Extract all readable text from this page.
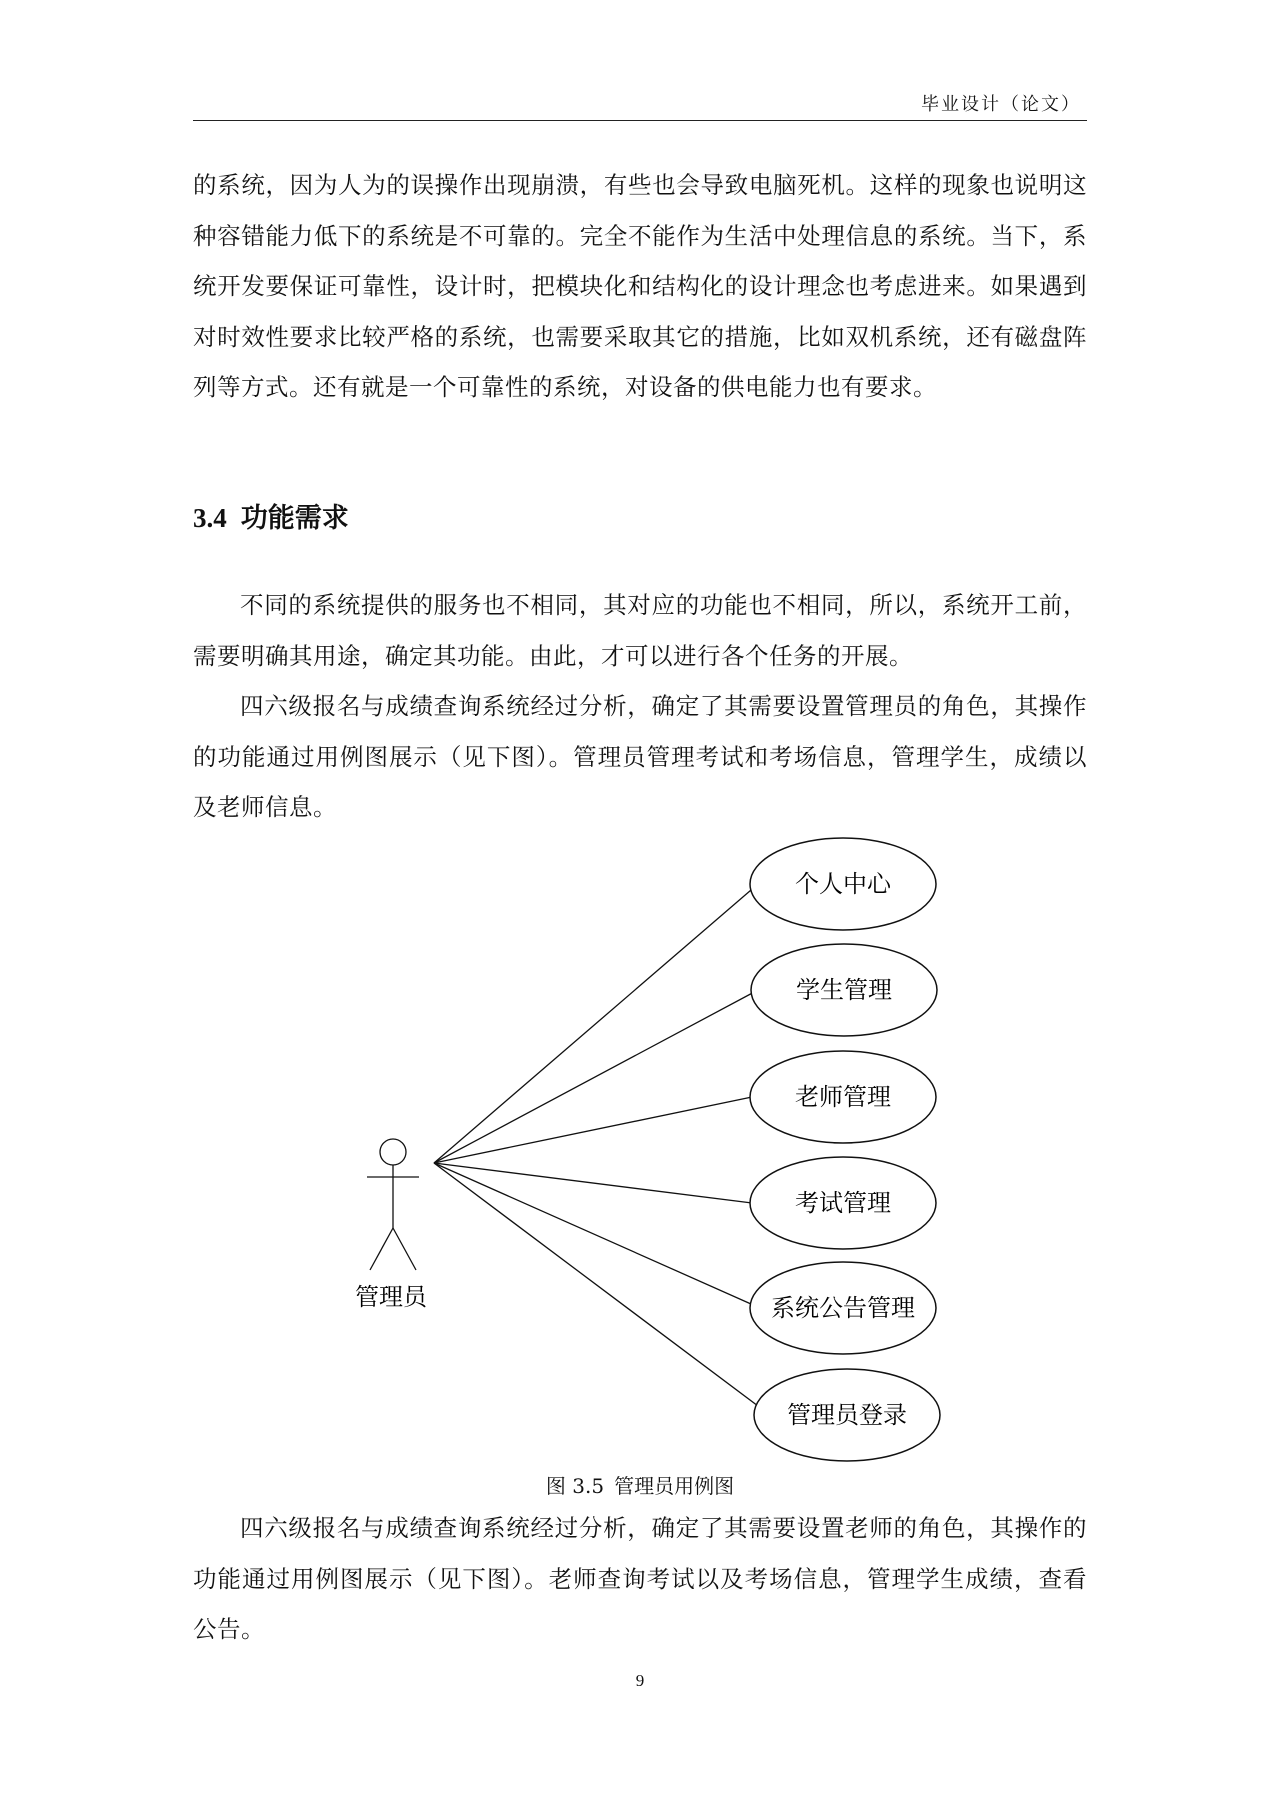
毕业设计（论文）

的系统，因为人为的误操作出现崩溃，有些也会导致电脑死机。这样的现象也说明这种容错能力低下的系统是不可靠的。完全不能作为生活中处理信息的系统。当下，系统开发要保证可靠性，设计时，把模块化和结构化的设计理念也考虑进来。如果遇到对时效性要求比较严格的系统，也需要采取其它的措施，比如双机系统，还有磁盘阵列等方式。还有就是一个可靠性的系统，对设备的供电能力也有要求。

3.4 功能需求

不同的系统提供的服务也不相同，其对应的功能也不相同，所以，系统开工前，需要明确其用途，确定其功能。由此，才可以进行各个任务的开展。

四六级报名与成绩查询系统经过分析，确定了其需要设置管理员的角色，其操作的功能通过用例图展示（见下图）。管理员管理考试和考场信息，管理学生，成绩以及老师信息。

管理员
个人中心
学生管理
老师管理
考试管理
系统公告管理
管理员登录
图 3.5 管理员用例图

四六级报名与成绩查询系统经过分析，确定了其需要设置老师的角色，其操作的功能通过用例图展示（见下图）。老师查询考试以及考场信息，管理学生成绩，查看公告。

9
